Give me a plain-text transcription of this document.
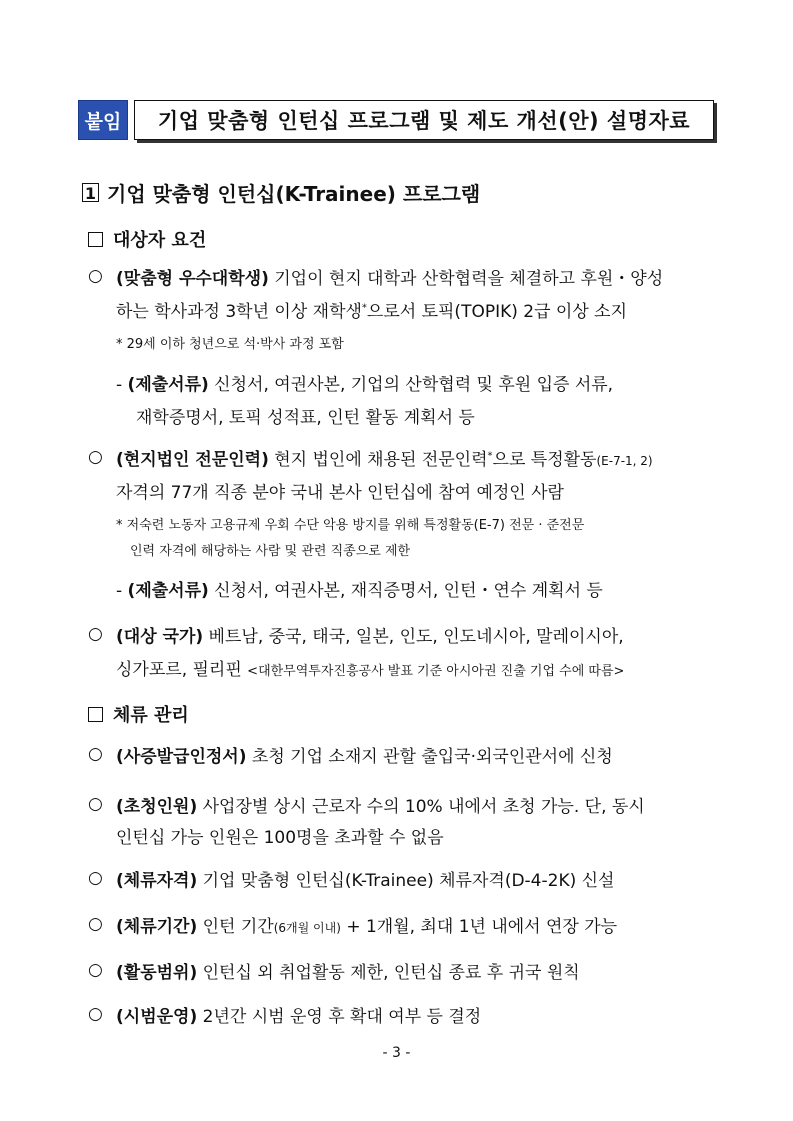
붙임	기업 맞춤형 인턴십 프로그램 및 제도 개선(안) 설명자료
1 기업 맞춤형 인턴십(K-Trainee) 프로그램
대상자 요건
○ (맞춤형 우수대학생) 기업이 현지 대학과 산학협력을 체결하고 후원・양성
하는 학사과정 3학년 이상 재학생*으로서 토픽(TOPIK) 2급 이상 소지
* 29세 이하 청년으로 석·박사 과정 포함
- (제출서류) 신청서, 여권사본, 기업의 산학협력 및 후원 입증 서류,
재학증명서, 토픽 성적표, 인턴 활동 계획서 등
○ (현지법인 전문인력) 현지 법인에 채용된 전문인력*으로 특정활동(E-7-1, 2)
자격의 77개 직종 분야 국내 본사 인턴십에 참여 예정인 사람
* 저숙련 노동자 고용규제 우회 수단 악용 방지를 위해 특정활동(E-7) 전문 · 준전문
인력 자격에 해당하는 사람 및 관련 직종으로 제한
- (제출서류) 신청서, 여권사본, 재직증명서, 인턴・연수 계획서 등
○ (대상 국가) 베트남, 중국, 태국, 일본, 인도, 인도네시아, 말레이시아,
싱가포르, 필리핀 <대한무역투자진흥공사 발표 기준 아시아권 진출 기업 수에 따름>
체류 관리
○ (사증발급인정서) 초청 기업 소재지 관할 출입국·외국인관서에 신청
○ (초청인원) 사업장별 상시 근로자 수의 10% 내에서 초청 가능. 단, 동시
인턴십 가능 인원은 100명을 초과할 수 없음
○ (체류자격) 기업 맞춤형 인턴십(K-Trainee) 체류자격(D-4-2K) 신설
○ (체류기간) 인턴 기간(6개월 이내) + 1개월, 최대 1년 내에서 연장 가능
○ (활동범위) 인턴십 외 취업활동 제한, 인턴십 종료 후 귀국 원칙
○ (시범운영) 2년간 시범 운영 후 확대 여부 등 결정
- 3 -
